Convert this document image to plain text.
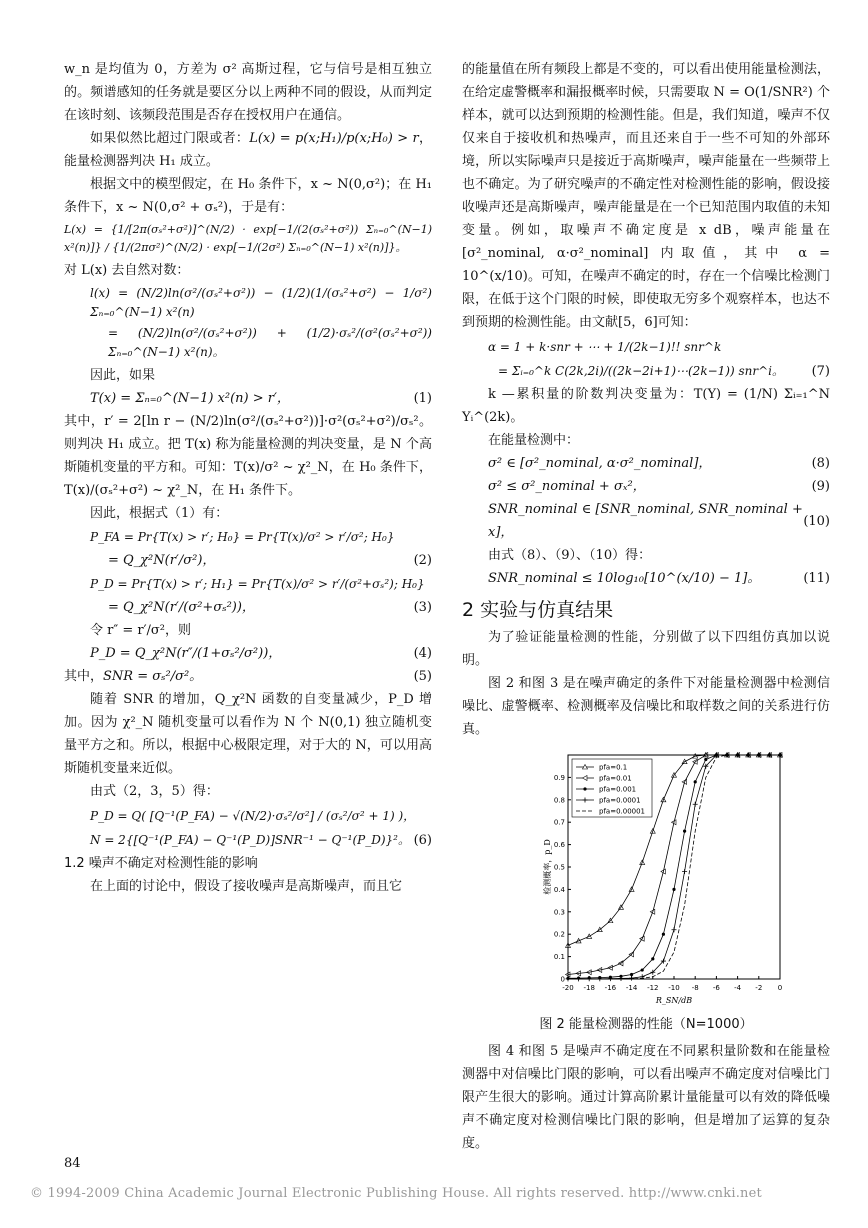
w_n 是均值为 0，方差为 σ² 高斯过程，它与信号是相互独立的。频谱感知的任务就是要区分以上两种不同的假设，从而判定在该时刻、该频段范围是否存在授权用户在通信。

如果似然比超过门限或者：L(x) = p(x;H₁)/p(x;H₀) > r，能量检测器判决 H₁ 成立。

根据文中的模型假定，在 H₀ 条件下，x ~ N(0,σ²)；在 H₁ 条件下，x ~ N(0,σ² + σₛ²)，于是有：

L(x) = {1/[2π(σₛ²+σ²)]^(N/2) · exp[−1/(2(σₛ²+σ²)) Σₙ₌₀^(N−1) x²(n)]} / {1/(2πσ²)^(N/2) · exp[−1/(2σ²) Σₙ₌₀^(N−1) x²(n)]}。

对 L(x) 去自然对数：

l(x) = (N/2)ln(σ²/(σₛ²+σ²)) − (1/2)(1/(σₛ²+σ²) − 1/σ²) Σₙ₌₀^(N−1) x²(n)

= (N/2)ln(σ²/(σₛ²+σ²)) + (1/2)·σₛ²/(σ²(σₛ²+σ²)) Σₙ₌₀^(N−1) x²(n)。

因此，如果

T(x) = Σₙ₌₀^(N−1) x²(n) > r′，	(1)

其中，r′ = 2[ln r − (N/2)ln(σ²/(σₛ²+σ²))]·σ²(σₛ²+σ²)/σₛ²。则判决 H₁ 成立。把 T(x) 称为能量检测的判决变量，是 N 个高斯随机变量的平方和。可知：T(x)/σ² ~ χ²_N，在 H₀ 条件下，T(x)/(σₛ²+σ²) ~ χ²_N，在 H₁ 条件下。

因此，根据式（1）有：

P_FA = Pr{T(x) > r′; H₀} = Pr{T(x)/σ² > r′/σ²; H₀}

= Q_χ²N(r′/σ²)，	(2)

P_D = Pr{T(x) > r′; H₁} = Pr{T(x)/σ² > r′/(σ²+σₛ²); H₀}

= Q_χ²N(r′/(σ²+σₛ²))，	(3)

令 r″ = r′/σ²，则

P_D = Q_χ²N(r″/(1+σₛ²/σ²))，	(4)
其中，SNR = σₛ²/σ²。	(5)

随着 SNR 的增加，Q_χ²N 函数的自变量减少，P_D 增加。因为 χ²_N 随机变量可以看作为 N 个 N(0,1) 独立随机变量平方之和。所以，根据中心极限定理，对于大的 N，可以用高斯随机变量来近似。

由式（2，3，5）得：

P_D = Q( [Q⁻¹(P_FA) − √(N/2)·σₛ²/σ²] / (σₛ²/σ² + 1) )，

N = 2{[Q⁻¹(P_FA) − Q⁻¹(P_D)]SNR⁻¹ − Q⁻¹(P_D)}²。 (6)
1.2 噪声不确定对检测性能的影响

在上面的讨论中，假设了接收噪声是高斯噪声，而且它

的能量值在所有频段上都是不变的，可以看出使用能量检测法，在给定虚警概率和漏报概率时候，只需要取 N = O(1/SNR²) 个样本，就可以达到预期的检测性能。但是，我们知道，噪声不仅仅来自于接收机和热噪声，而且还来自于一些不可知的外部环境，所以实际噪声只是接近于高斯噪声，噪声能量在一些频带上也不确定。为了研究噪声的不确定性对检测性能的影响，假设接收噪声还是高斯噪声，噪声能量是在一个已知范围内取值的未知变量。例如，取噪声不确定度是 x dB，噪声能量在 [σ²_nominal, α·σ²_nominal] 内取值，其中 α = 10^(x/10)。可知，在噪声不确定的时，存在一个信噪比检测门限，在低于这个门限的时候，即使取无穷多个观察样本，也达不到预期的检测性能。由文献[5，6]可知：

α = 1 + k·snr + ⋯ + 1/(2k−1)!! snr^k

= Σᵢ₌₀^k C(2k,2i)/((2k−2i+1)⋯(2k−1)) snr^i。 (7)

k —累积量的阶数判决变量为：T(Y) = (1/N) Σᵢ₌₁^N Yᵢ^(2k)。

在能量检测中：

σ² ∈ [σ²_nominal, α·σ²_nominal]，	(8)
σ² ≤ σ²_nominal + σₓ²，	(9)
SNR_nominal ∈ [SNR_nominal, SNR_nominal + x]，
(10)

由式（8）、（9）、（10）得：

SNR_nominal ≤ 10log₁₀[10^(x/10) − 1]。	(11)
2 实验与仿真结果

为了验证能量检测的性能，分别做了以下四组仿真加以说明。

图 2 和图 3 是在噪声确定的条件下对能量检测器中检测信噪比、虚警概率、检测概率及信噪比和取样数之间的关系进行仿真。

-20 -18 -16 -14 -12 -10 -8 -6 -4 -2 0
0
0.1
0.2
0.3
0.4
0.5
0.6
0.7
0.8
0.9
R_SN/dB
检测概率，p_D
pfa=0.1
pfa=0.01
pfa=0.001
pfa=0.0001
pfa=0.00001
图 2 能量检测器的性能（N=1000）

图 4 和图 5 是噪声不确定度在不同累积量阶数和在能量检测器中对信噪比门限的影响，可以看出噪声不确定度对信噪比门限产生很大的影响。通过计算高阶累计量能量可以有效的降低噪声不确定度对检测信噪比门限的影响，但是增加了运算的复杂度。

84
© 1994-2009 China Academic Journal Electronic Publishing House. All rights reserved. http://www.cnki.net
